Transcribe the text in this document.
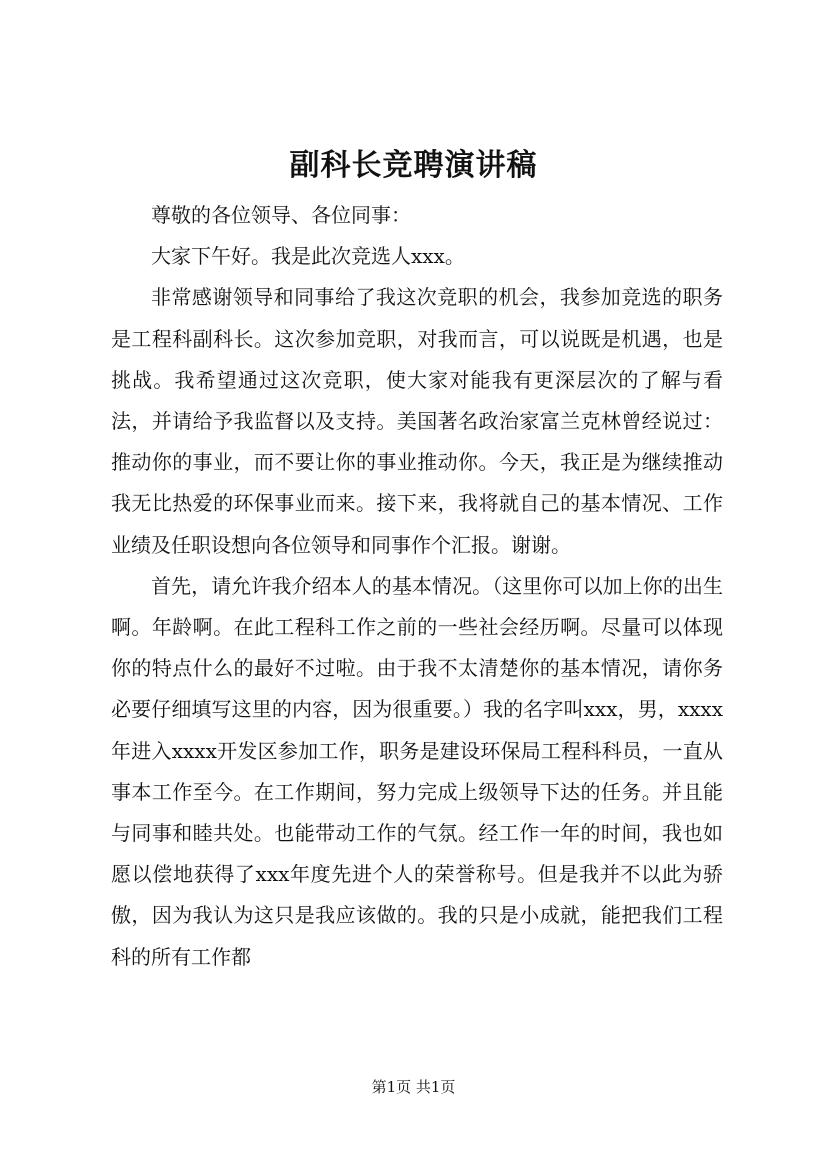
副科长竞聘演讲稿

尊敬的各位领导、各位同事：

大家下午好。我是此次竞选人xxx。

非常感谢领导和同事给了我这次竞职的机会，我参加竞选的职务是工程科副科长。这次参加竞职，对我而言，可以说既是机遇，也是挑战。我希望通过这次竞职，使大家对能我有更深层次的了解与看法，并请给予我监督以及支持。美国著名政治家富兰克林曾经说过：推动你的事业，而不要让你的事业推动你。今天，我正是为继续推动我无比热爱的环保事业而来。接下来，我将就自己的基本情况、工作业绩及任职设想向各位领导和同事作个汇报。谢谢。

首先，请允许我介绍本人的基本情况。（这里你可以加上你的出生啊。年龄啊。在此工程科工作之前的一些社会经历啊。尽量可以体现你的特点什么的最好不过啦。由于我不太清楚你的基本情况，请你务必要仔细填写这里的内容，因为很重要。）我的名字叫xxx，男，xxxx年进入xxxx开发区参加工作，职务是建设环保局工程科科员，一直从事本工作至今。在工作期间，努力完成上级领导下达的任务。并且能与同事和睦共处。也能带动工作的气氛。经工作一年的时间，我也如愿以偿地获得了xxx年度先进个人的荣誉称号。但是我并不以此为骄傲，因为我认为这只是我应该做的。我的只是小成就，能把我们工程科的所有工作都

第1页 共1页
